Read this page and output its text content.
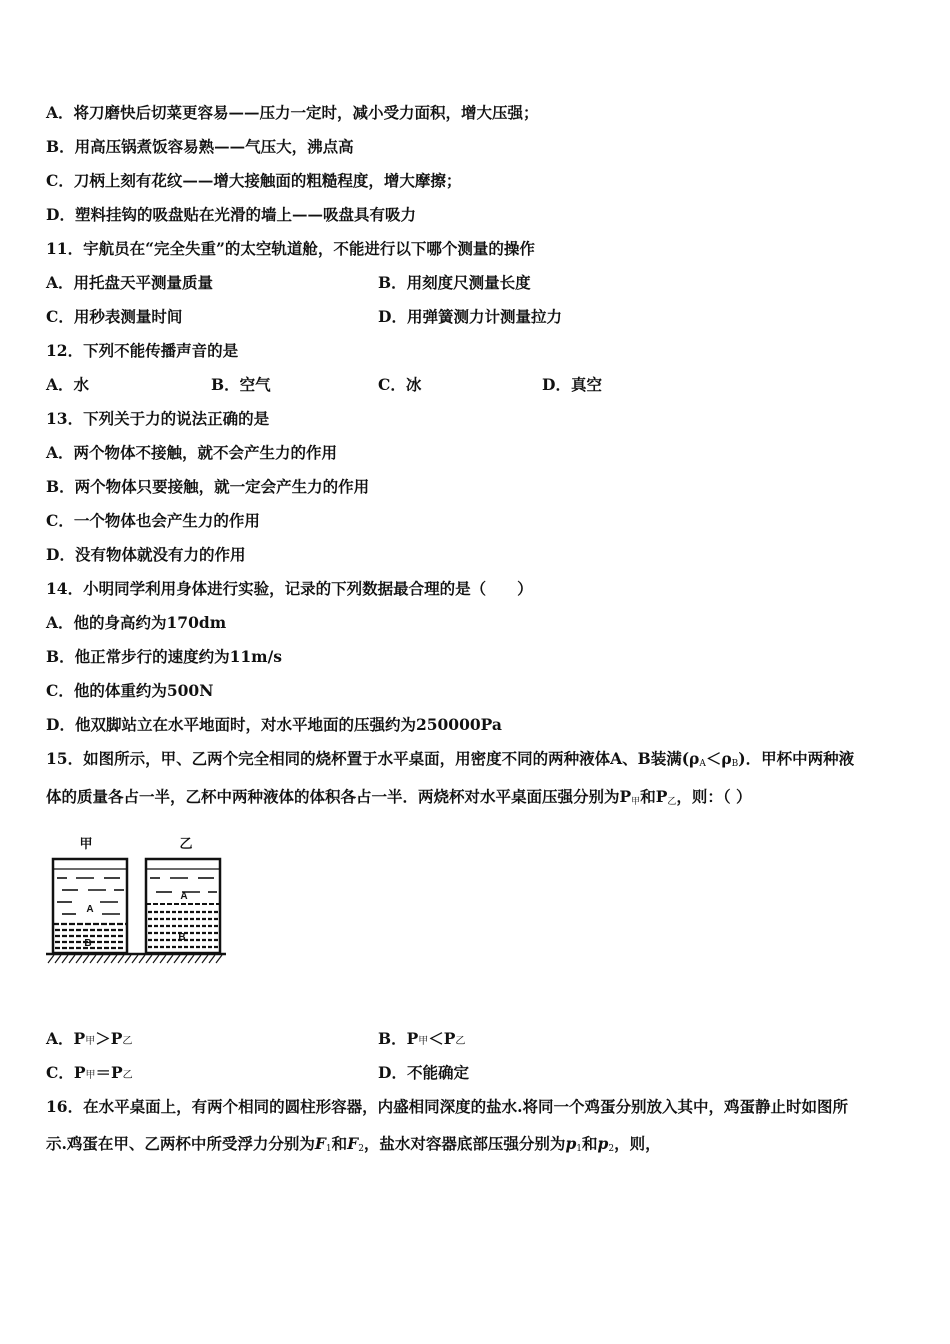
A．将刀磨快后切菜更容易——压力一定时，减小受力面积，增大压强；
B．用高压锅煮饭容易熟——气压大，沸点高
C．刀柄上刻有花纹——增大接触面的粗糙程度，增大摩擦；
D．塑料挂钩的吸盘贴在光滑的墙上——吸盘具有吸力
11．宇航员在“完全失重”的太空轨道舱，不能进行以下哪个测量的操作
A．用托盘天平测量质量	B．用刻度尺测量长度
C．用秒表测量时间	D．用弹簧测力计测量拉力
12．下列不能传播声音的是
A．水	B．空气	C．冰	D．真空
13．下列关于力的说法正确的是
A．两个物体不接触，就不会产生力的作用
B．两个物体只要接触，就一定会产生力的作用
C．一个物体也会产生力的作用
D．没有物体就没有力的作用
14．小明同学利用身体进行实验，记录的下列数据最合理的是（　　）
A．他的身高约为170dm
B．他正常步行的速度约为11m/s
C．他的体重约为500N
D．他双脚站立在水平地面时，对水平地面的压强约为250000Pa
15．如图所示，甲、乙两个完全相同的烧杯置于水平桌面，用密度不同的两种液体A、B装满$(\rho_A<\rho_B)$．甲杯中两种液
体的质量各占一半，乙杯中两种液体的体积各占一半．两烧杯对水平桌面压强分别为$P_甲$和$P_乙$，则：（ ）
甲	乙
A
B
A
B
A．P甲＞P乙	B．P甲＜P乙
C．P甲＝P乙	D．不能确定
16．在水平桌面上，有两个相同的圆柱形容器，内盛相同深度的盐水.将同一个鸡蛋分别放入其中，鸡蛋静止时如图所
示.鸡蛋在甲、乙两杯中所受浮力分别为$F_1$和$F_2$，盐水对容器底部压强分别为$p_1$和$p_2$，则，
